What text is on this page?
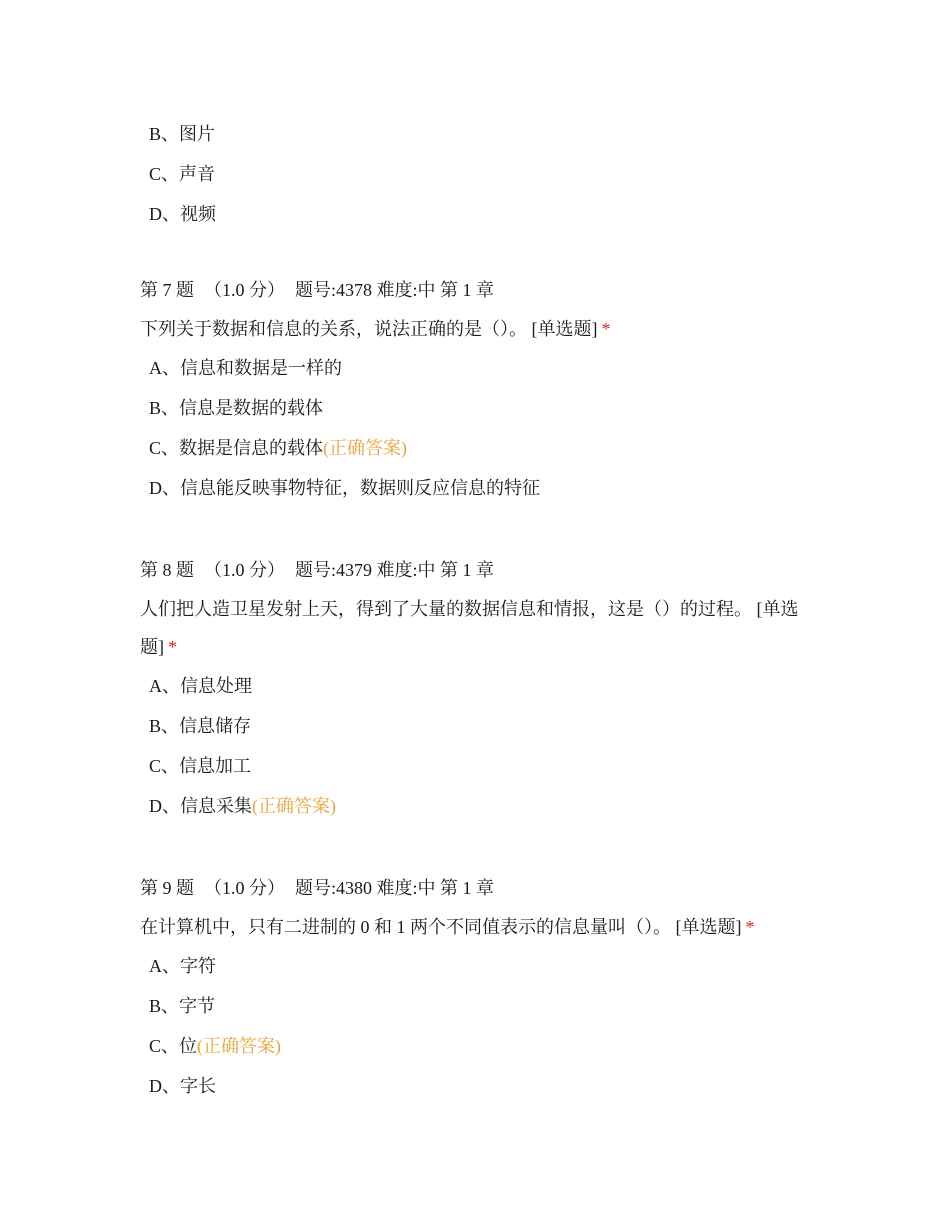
B、图片
C、声音
D、视频
第 7 题 （1.0 分） 题号:4378 难度:中 第 1 章
下列关于数据和信息的关系，说法正确的是（）。 [单选题] *
A、信息和数据是一样的
B、信息是数据的载体
C、数据是信息的载体(正确答案)
D、信息能反映事物特征，数据则反应信息的特征
第 8 题 （1.0 分） 题号:4379 难度:中 第 1 章
人们把人造卫星发射上天，得到了大量的数据信息和情报，这是（）的过程。 [单选题] *
A、信息处理
B、信息储存
C、信息加工
D、信息采集(正确答案)
第 9 题 （1.0 分） 题号:4380 难度:中 第 1 章
在计算机中，只有二进制的 0 和 1 两个不同值表示的信息量叫（）。 [单选题] *
A、字符
B、字节
C、位(正确答案)
D、字长
